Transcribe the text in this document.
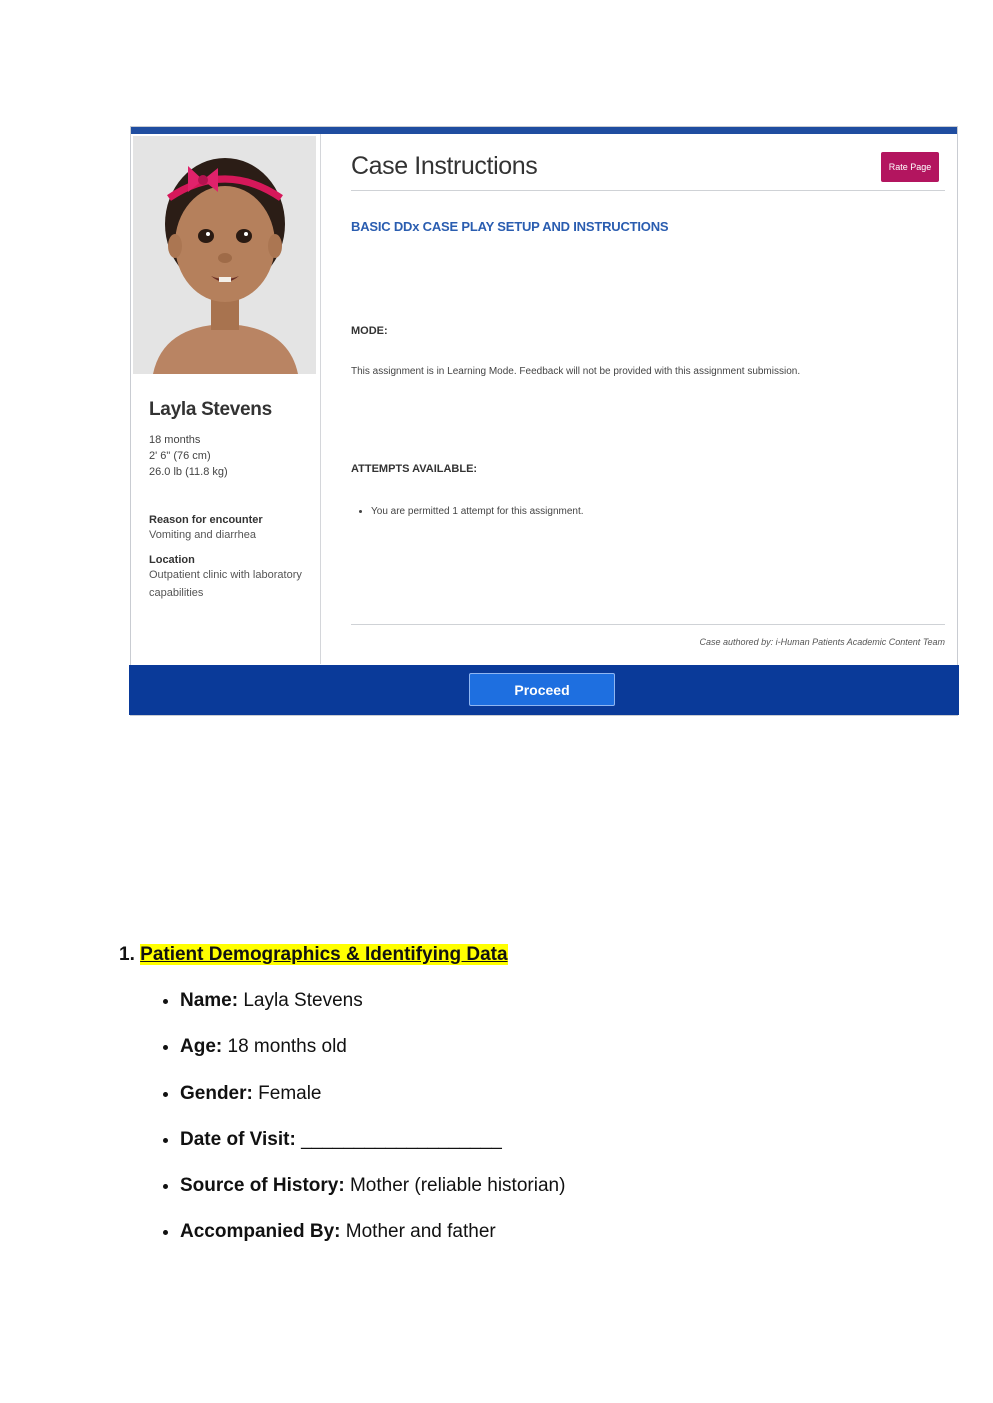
Layla Stevens
18 months
2' 6" (76 cm)
26.0 lb (11.8 kg)
Reason for encounter
Vomiting and diarrhea
Location
Outpatient clinic with laboratory capabilities
Case Instructions	Rate Page
BASIC DDx CASE PLAY SETUP AND INSTRUCTIONS
MODE:
This assignment is in Learning Mode. Feedback will not be provided with this assignment submission.
ATTEMPTS AVAILABLE:
• You are permitted 1 attempt for this assignment.
Case authored by: i-Human Patients Academic Content Team
Proceed

1. Patient Demographics & Identifying Data

• Name: Layla Stevens
• Age: 18 months old
• Gender: Female
• Date of Visit: ___________________
• Source of History: Mother (reliable historian)
• Accompanied By: Mother and father
